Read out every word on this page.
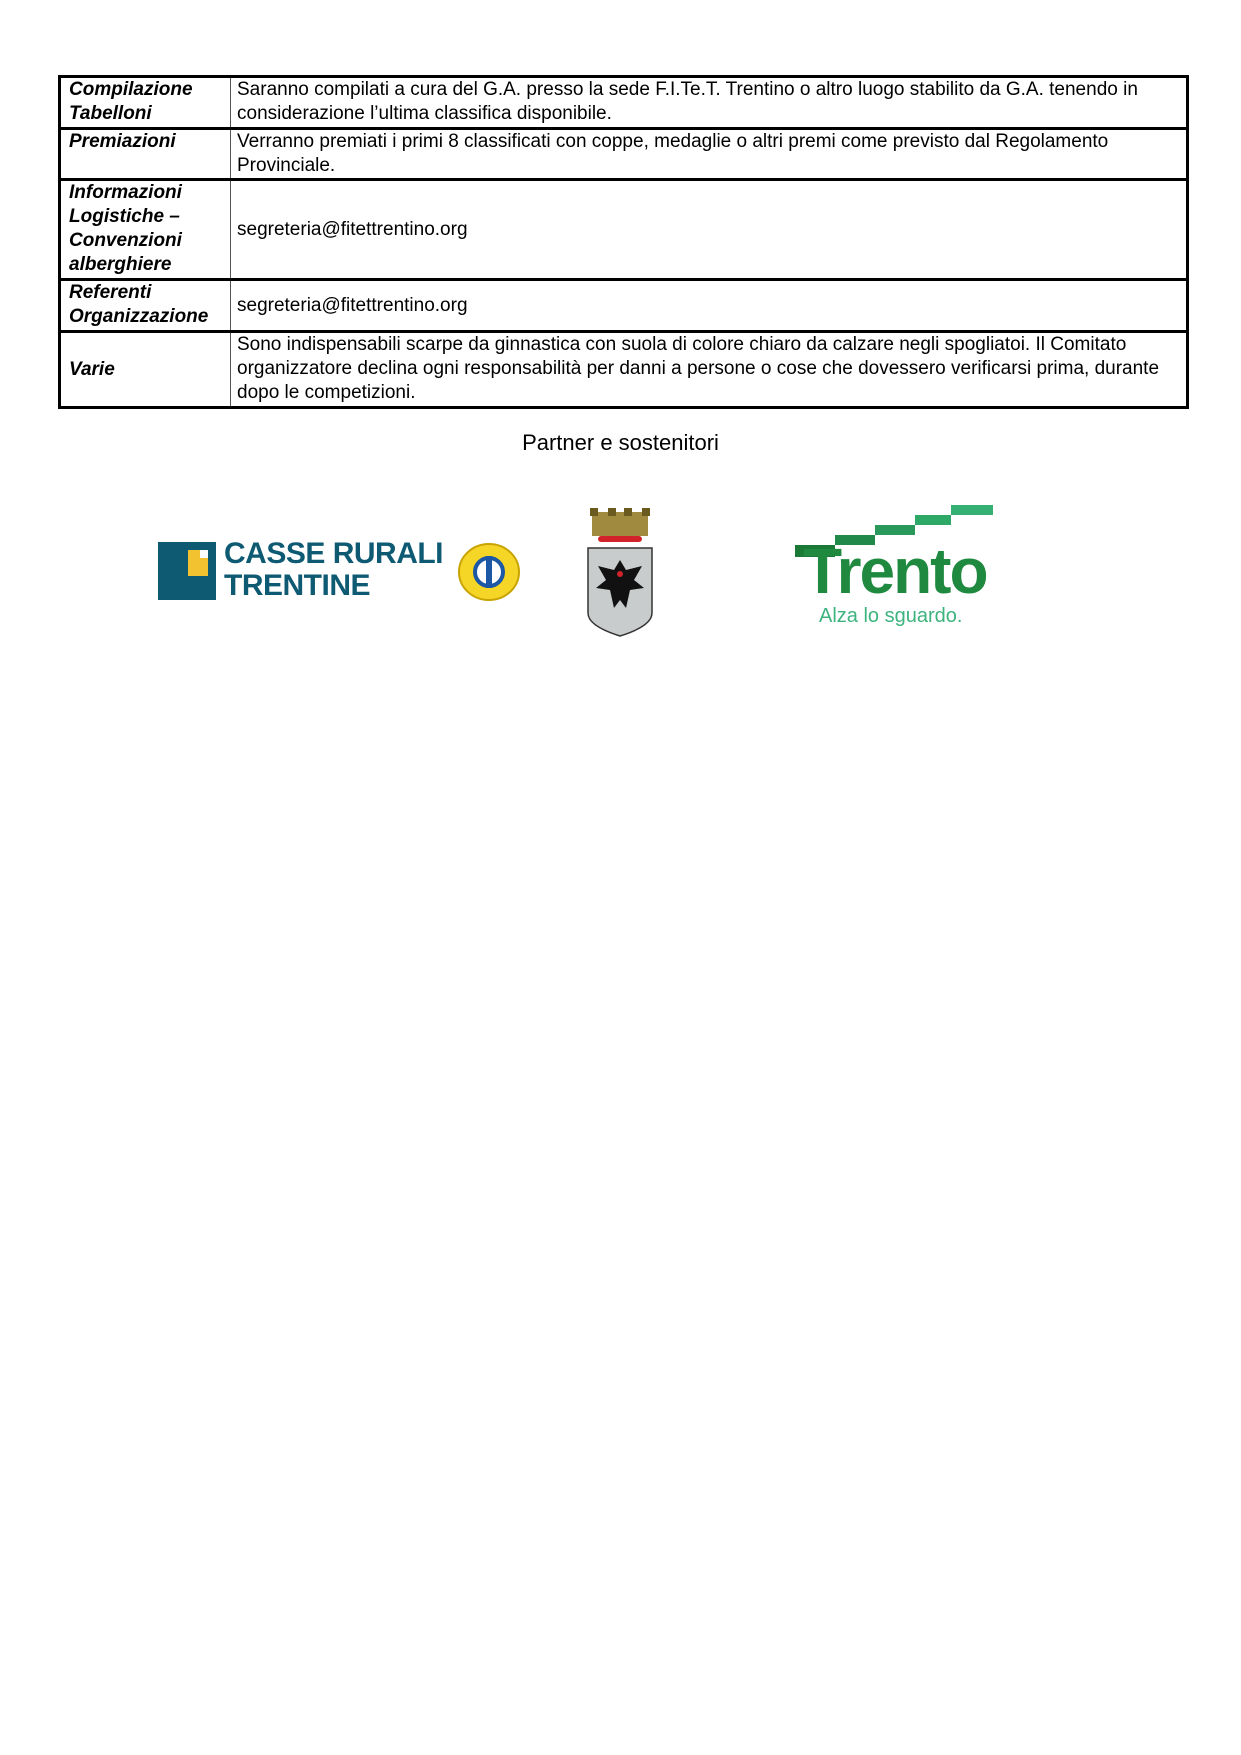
Compilazione Tabelloni	Saranno compilati a cura del G.A. presso la sede F.I.Te.T. Trentino o altro luogo stabilito da G.A. tenendo in considerazione l’ultima classifica disponibile.
Premiazioni	Verranno premiati i primi 8 classificati con coppe, medaglie o altri premi come previsto dal Regolamento Provinciale.
Informazioni Logistiche – Convenzioni alberghiere	segreteria@fitettrentino.org
Referenti Organizzazione	segreteria@fitettrentino.org
Varie	Sono indispensabili scarpe da ginnastica con suola di colore chiaro da calzare negli spogliatoi. Il Comitato organizzatore declina ogni responsabilità per danni a persone o cose che dovessero verificarsi prima, durante dopo le competizioni.
Partner e sostenitori
CASSE RURALI
TRENTINE	Trento
Alza lo sguardo.
